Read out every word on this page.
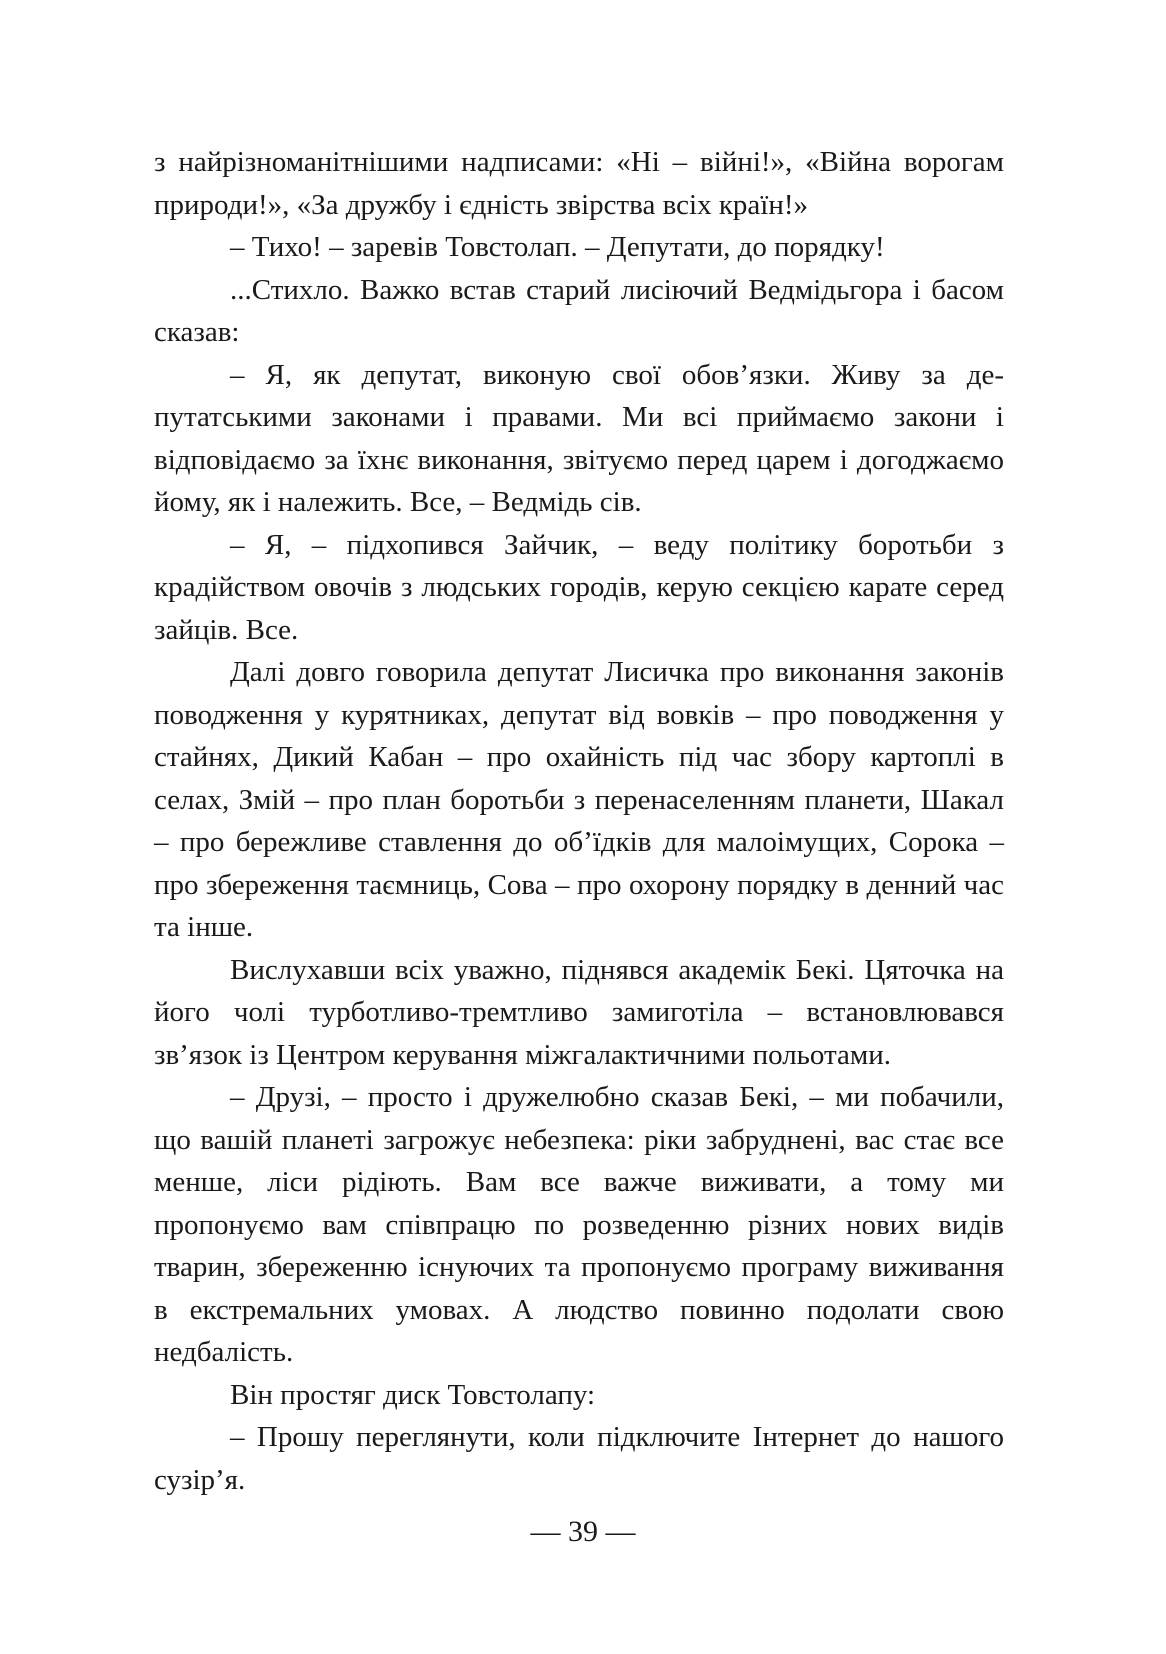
з найрізноманітнішими надписами: «Ні – війні!», «Війна ворогам природи!», «За дружбу і єдність звірства всіх країн!»

– Тихо! – заревів Товстолап. – Депутати, до порядку!

...Стихло. Важко встав старий лисіючий Ведмідьгора і басом сказав:

– Я, як депутат, виконую свої обов’язки. Живу за депутатськими законами і правами. Ми всі приймаємо закони і відповідаємо за їхнє виконання, звітуємо перед царем і догоджаємо йому, як і належить. Все, – Ведмідь сів.

– Я, – підхопився Зайчик, – веду політику боротьби з крадійством овочів з людських городів, керую секцією карате серед зайців. Все.

Далі довго говорила депутат Лисичка про виконання законів поводження у курятниках, депутат від вовків – про поводження у стайнях, Дикий Кабан – про охайність під час збору картоплі в селах, Змій – про план боротьби з перенаселенням планети, Шакал – про бережливе ставлення до об’їдків для малоімущих, Сорока – про збереження таємниць, Сова – про охорону порядку в денний час та інше.

Вислухавши всіх уважно, піднявся академік Бекі. Цяточка на його чолі турботливо-тремтливо замиготіла – встановлювався зв’язок із Центром керування міжгалактичними польотами.

– Друзі, – просто і дружелюбно сказав Бекі, – ми побачили, що вашій планеті загрожує небезпека: ріки забруднені, вас стає все менше, ліси рідіють. Вам все важче виживати, а тому ми пропонуємо вам співпрацю по розведенню різних нових видів тварин, збереженню існуючих та пропонуємо програму виживання в екстремальних умовах. А людство повинно подолати свою недбалість.

Він простяг диск Товстолапу:

– Прошу переглянути, коли підключите Інтернет до нашого сузір’я.

— 39 —
